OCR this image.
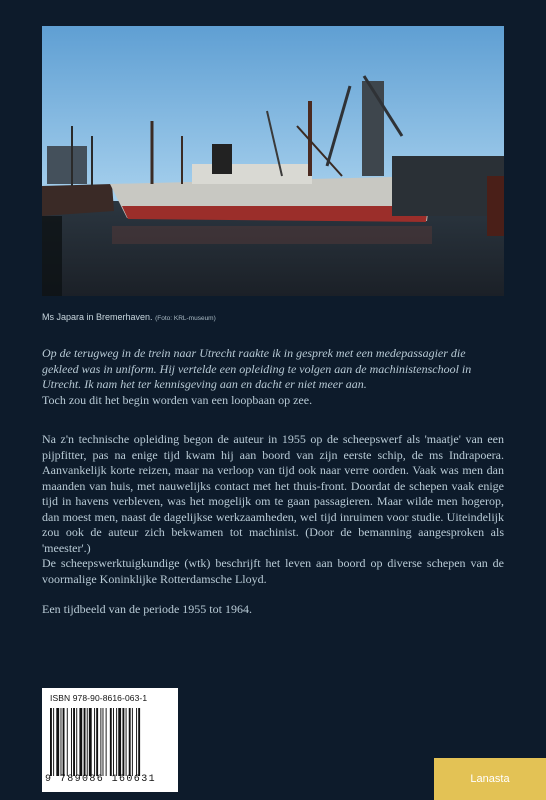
Ms Japara in Bremerhaven. (Foto: KRL-museum)

Op de terugweg in de trein naar Utrecht raakte ik in gesprek met een medepassagier die gekleed was in uniform. Hij vertelde een opleiding te volgen aan de machinistenschool in Utrecht. Ik nam het ter kennisgeving aan en dacht er niet meer aan.

Toch zou dit het begin worden van een loopbaan op zee.

Na z'n technische opleiding begon de auteur in 1955 op de scheepswerf als 'maatje' van een pijpfitter, pas na enige tijd kwam hij aan boord van zijn eerste schip, de ms Indrapoera. Aanvankelijk korte reizen, maar na verloop van tijd ook naar verre oorden. Vaak was men dan maanden van huis, met nauwelijks contact met het thuis-front. Doordat de schepen vaak enige tijd in havens verbleven, was het mogelijk om te gaan passagieren. Maar wilde men hogerop, dan moest men, naast de dagelijkse werkzaamheden, wel tijd inruimen voor studie. Uiteindelijk zou ook de auteur zich bekwamen tot machinist. (Door de bemanning aangesproken als 'meester'.)

De scheepswerktuigkundige (wtk) beschrijft het leven aan boord op diverse schepen van de voormalige Koninklijke Rotterdamsche Lloyd.

Een tijdbeeld van de periode 1955 tot 1964.

ISBN 978-90-8616-063-1
9 789086 160631	Lanasta
